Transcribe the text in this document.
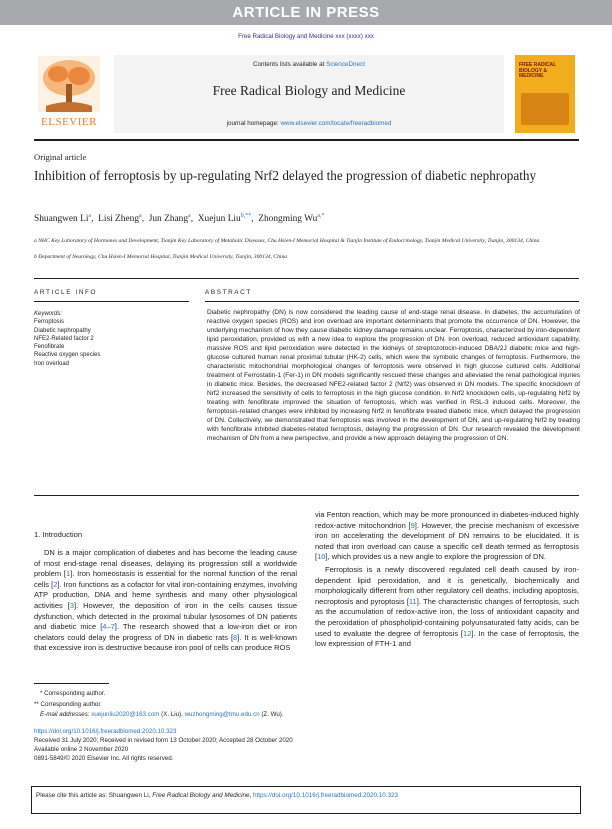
ARTICLE IN PRESS
Free Radical Biology and Medicine xxx (xxxx) xxx
ELSEVIER
Contents lists available at ScienceDirect
Free Radical Biology and Medicine
journal homepage: www.elsevier.com/locate/freeradbiomed
FREE RADICAL BIOLOGY & MEDICINE
Original article
Inhibition of ferroptosis by up-regulating Nrf2 delayed the progression of diabetic nephropathy
Shuangwen Li$^a$,  Lisi Zheng$^a$,  Jun Zhang$^a$,  Xuejun Liu$^{b,**}$,  Zhongming $Wu^{a,*}$
a NHC Key Laboratory of Hormones and Development, Tianjin Key Laboratory of Metabolic Diseases, Chu Hsien-I Memorial Hospital & Tianjin Institute of Endocrinology, Tianjin Medical University, Tianjin, 300134, China
b Department of Neurology, Chu Hsien-I Memorial Hospital, Tianjin Medical University, Tianjin, 300134, China
ARTICLE INFO	ABSTRACT
Keywords:
Ferroptosis
Diabetic nephropathy
NFE2-Related factor 2
Fenofibrate
Reactive oxygen species
Iron overload
Diabetic nephropathy (DN) is now considered the leading cause of end-stage renal disease. In diabetes, the accumulation of reactive oxygen species (ROS) and iron overload are important determinants that promote the occurrence of DN. However, the underlying mechanism of how they cause diabetic kidney damage remains unclear. Ferroptosis, characterized by iron-dependent lipid peroxidation, provided us with a new idea to explore the progression of DN. Iron overload, reduced antioxidant capability, massive ROS and lipid peroxidation were detected in the kidneys of streptozotocin-induced DBA/2J diabetic mice and high-glucose cultured human renal proximal tubular (HK-2) cells, which were the symbolic changes of ferroptosis. Furthermore, the characteristic mitochondrial morphological changes of ferroptosis were observed in high glucose cultured cells. Additional treatment of Ferrostatin-1 (Fer-1) in DN models significantly rescued these changes and alleviated the renal pathological injuries in diabetic mice. Besides, the decreased NFE2-related factor 2 (Nrf2) was observed in DN models. The specific knockdown of Nrf2 increased the sensitivity of cells to ferroptosis in the high glucose condition. In Nrf2 knockdown cells, up-regulating Nrf2 by treating with fenofibrate improved the situation of ferroptosis, which was verified in RSL-3 induced cells. Moreover, the ferroptosis-related changes were inhibited by increasing Nrf2 in fenofibrate treated diabetic mice, which delayed the progression of DN. Collectively, we demonstrated that ferroptosis was involved in the development of DN, and up-regulating Nrf2 by treating with fenofibrate inhibited diabetes-related ferroptosis, delaying the progression of DN. Our research revealed the development mechanism of DN from a new perspective, and provide a new approach delaying the progression of DN.
1. Introduction
DN is a major complication of diabetes and has become the leading cause of most end-stage renal diseases, delaying its progression still a worldwide problem [1]. Iron homeostasis is essential for the normal function of the renal cells [2]. Iron functions as a cofactor for vital iron-containing enzymes, involving ATP production, DNA and heme synthesis and many other physiological activities [3]. However, the deposition of iron in the cells causes tissue dysfunction, which detected in the proximal tubular lysosomes of DN patients and diabetic mice [4–7]. The research showed that a low-iron diet or iron chelators could delay the progress of DN in diabetic rats [8]. It is well-known that excessive iron is destructive because iron pool of cells can produce ROS
via Fenton reaction, which may be more pronounced in diabetes-induced highly redox-active mitochondrion [9]. However, the precise mechanism of excessive iron on accelerating the development of DN remains to be elucidated. It is noted that iron overload can cause a specific cell death termed as ferroptosis [10], which provides us a new angle to explore the progression of DN.
Ferroptosis is a newly discovered regulated cell death caused by iron-dependent lipid peroxidation, and it is genetically, biochemically and morphologically different from other regulatory cell deaths, including apoptosis, necroptosis and pyroptosis [11]. The characteristic changes of ferroptosis, such as the accumulation of redox-active iron, the loss of antioxidant capacity and the peroxidation of phospholipid-containing polyunsaturated fatty acids, can be used to evaluate the degree of ferroptosis [12]. In the case of ferroptosis, the low expression of FTH-1 and
* Corresponding author.
** Corresponding author.
E-mail addresses: xuejunliu2020@163.com (X. Liu), wuzhongming@tmu.edu.cn (Z. Wu).
https://doi.org/10.1016/j.freeradbiomed.2020.10.323
Received 31 July 2020; Received in revised form 13 October 2020; Accepted 28 October 2020
Available online 2 November 2020
0891-5849/© 2020 Elsevier Inc. All rights reserved.
Please cite this article as: Shuangwen Li, Free Radical Biology and Medicine, https://doi.org/10.1016/j.freeradbiomed.2020.10.323
